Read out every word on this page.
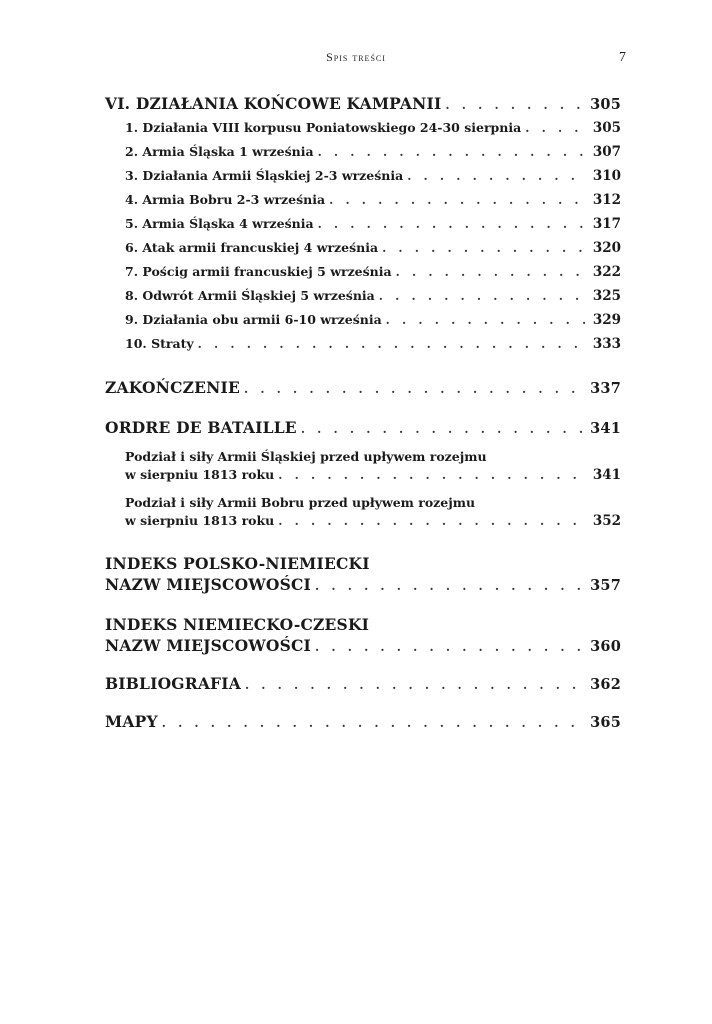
Spis treści	7
VI. DZIAŁANIA KOŃCOWE KAMPANII . . .	305
1. Działania VIII korpusu Poniatowskiego 24-30 sierpnia . . .	305
2. Armia Śląska 1 września . . .	307
3. Działania Armii Śląskiej 2-3 września . . .	310
4. Armia Bobru 2-3 września . . .	312
5. Armia Śląska 4 września . . .	317
6. Atak armii francuskiej 4 września . . .	320
7. Pościg armii francuskiej 5 września . . .	322
8. Odwrót Armii Śląskiej 5 września . . .	325
9. Działania obu armii 6-10 września . . .	329
10. Straty . . .	333
ZAKOŃCZENIE . . .	337
ORDRE DE BATAILLE . . .	341
Podział i siły Armii Śląskiej przed upływem rozejmu
w sierpniu 1813 roku . . .	341
Podział i siły Armii Bobru przed upływem rozejmu
w sierpniu 1813 roku . . .	352
INDEKS POLSKO-NIEMIECKI
NAZW MIEJSCOWOŚCI . . .	357
INDEKS NIEMIECKO-CZESKI
NAZW MIEJSCOWOŚCI . . .	360
BIBLIOGRAFIA . . .	362
MAPY . . .	365
